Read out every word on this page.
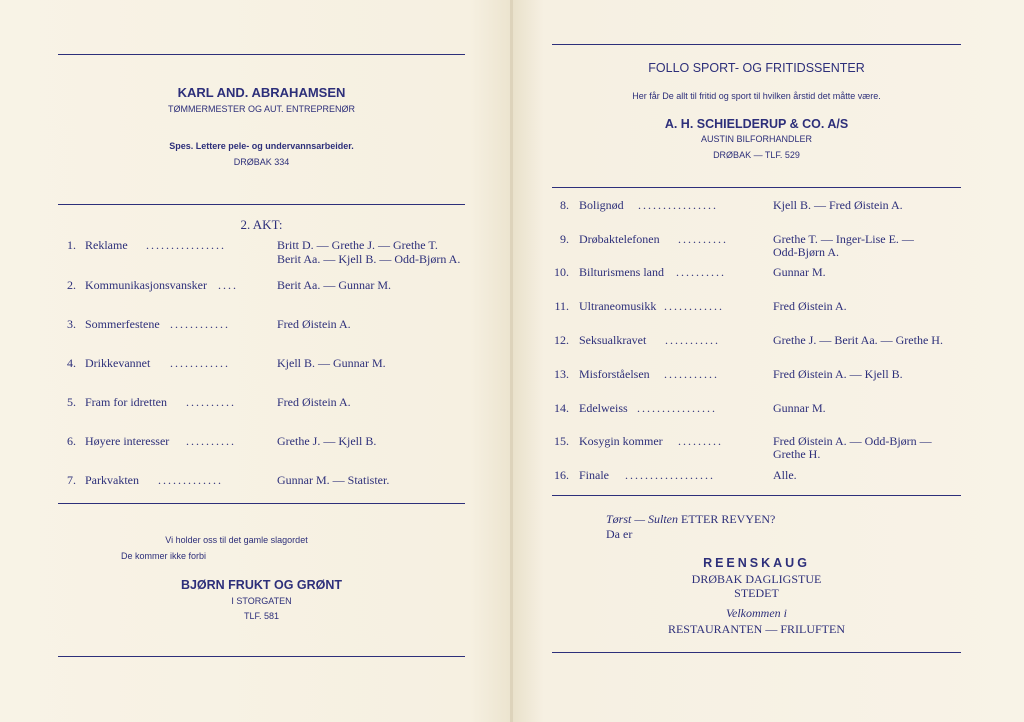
KARL AND. ABRAHAMSEN

TØMMERMESTER OG AUT. ENTREPRENØR

Spes. Lettere pele- og undervannsarbeider.

DRØBAK 334

2. AKT:

1. Reklame ................	Britt D. — Grethe J. — Grethe T.
Berit Aa. — Kjell B. — Odd-Bjørn A.
2. Kommunikasjonsvansker ....	Berit Aa. — Gunnar M.
3. Sommerfestene ............	Fred Øistein A.
4. Drikkevannet ............	Kjell B. — Gunnar M.
5. Fram for idretten ..........	Fred Øistein A.
6. Høyere interesser ..........	Grethe J. — Kjell B.
7. Parkvakten .............	Gunnar M. — Statister.

Vi holder oss til det gamle slagordet

De kommer ikke forbi

BJØRN FRUKT OG GRØNT

I STORGATEN

TLF. 581

FOLLO SPORT- OG FRITIDSSENTER

Her får De allt til fritid og sport til hvilken årstid det måtte være.

A. H. SCHIELDERUP & CO. A/S

AUSTIN BILFORHANDLER

DRØBAK — TLF. 529

8. Bolignød ................	Kjell B. — Fred Øistein A.
9. Drøbaktelefonen ..........	Grethe T. — Inger-Lise E. —
Odd-Bjørn A.
10. Bilturismens land ..........	Gunnar M.
11. Ultraneomusikk ............	Fred Øistein A.
12. Seksualkravet ...........	Grethe J. — Berit Aa. — Grethe H.
13. Misforståelsen ...........	Fred Øistein A. — Kjell B.
14. Edelweiss ................	Gunnar M.
15. Kosygin kommer .........	Fred Øistein A. — Odd-Bjørn —
Grethe H.
16. Finale ..................	Alle.

Tørst — Sulten ETTER REVYEN?

Da er

REENSKAUG

DRØBAK DAGLIGSTUE

STEDET

Velkommen i

RESTAURANTEN — FRILUFTEN
